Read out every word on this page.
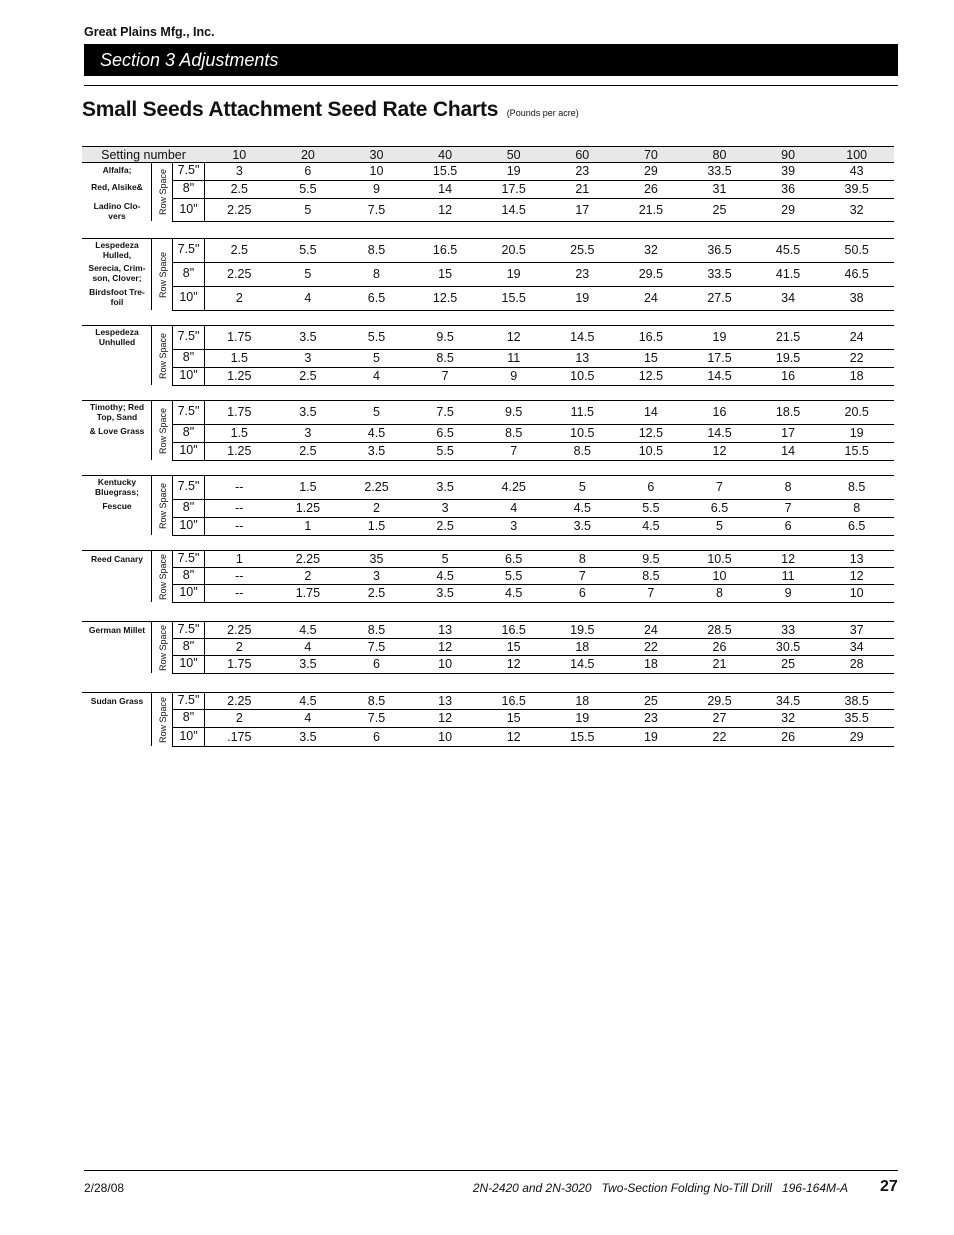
Great Plains Mfg., Inc.
Section 3 Adjustments
Small Seeds Attachment Seed Rate Charts (Pounds per acre)
Setting number	10	20	30	40	50	60	70	80	90	100
Alfalfa;
Red, Alsike&
Ladino Clo-
vers
Row Space 7.5"	3	6	10	15.5	19	23	29	33.5	39	43
8"	2.5	5.5	9	14	17.5	21	26	31	36	39.5
10"	2.25	5	7.5	12	14.5	17	21.5	25	29	32
Lespedeza
Hulled,
Serecia, Crim-
son, Clover;
Birdsfoot Tre-
foil
Row Space
7.5"	2.5	5.5	8.5	16.5	20.5	25.5	32	36.5	45.5	50.5
8"	2.25	5	8	15	19	23	29.5	33.5	41.5	46.5
10"	2	4	6.5	12.5	15.5	19	24	27.5	34	38
Lespedeza
Unhulled	Row Space 7.5"	1.75	3.5	5.5	9.5	12	14.5	16.5	19	21.5	24
8"	1.5	3	5	8.5	11	13	15	17.5	19.5	22
10"	1.25	2.5	4	7	9	10.5	12.5	14.5	16	18
Timothy; Red
Top, Sand
& Love Grass	Row Space 7.5"	1.75	3.5	5	7.5	9.5	11.5	14	16	18.5	20.5
8"	1.5	3	4.5	6.5	8.5	10.5	12.5	14.5	17	19
10"	1.25	2.5	3.5	5.5	7	8.5	10.5	12	14	15.5
Kentucky
Bluegrass;
Fescue	Row Space 7.5"	--	1.5	2.25	3.5	4.25	5	6	7	8	8.5
8"	--	1.25	2	3	4	4.5	5.5	6.5	7	8
10"	--	1	1.5	2.5	3	3.5	4.5	5	6	6.5
Reed Canary	Row Space 7.5"	1	2.25	35	5	6.5	8	9.5	10.5	12	13
8"	--	2	3	4.5	5.5	7	8.5	10	11	12
10"	--	1.75	2.5	3.5	4.5	6	7	8	9	10
German Millet	Row Space 7.5"	2.25	4.5	8.5	13	16.5	19.5	24	28.5	33	37
8"	2	4	7.5	12	15	18	22	26	30.5	34
10"	1.75	3.5	6	10	12	14.5	18	21	25	28
Sudan Grass	Row Space 7.5"	2.25	4.5	8.5	13	16.5	18	25	29.5	34.5	38.5
8"	2	4	7.5	12	15	19	23	27	32	35.5
10"	.175	3.5	6	10	12	15.5	19	22	26	29
2/28/08	2N-2420 and 2N-3020   Two-Section Folding No-Till Drill   196-164M-A 27
